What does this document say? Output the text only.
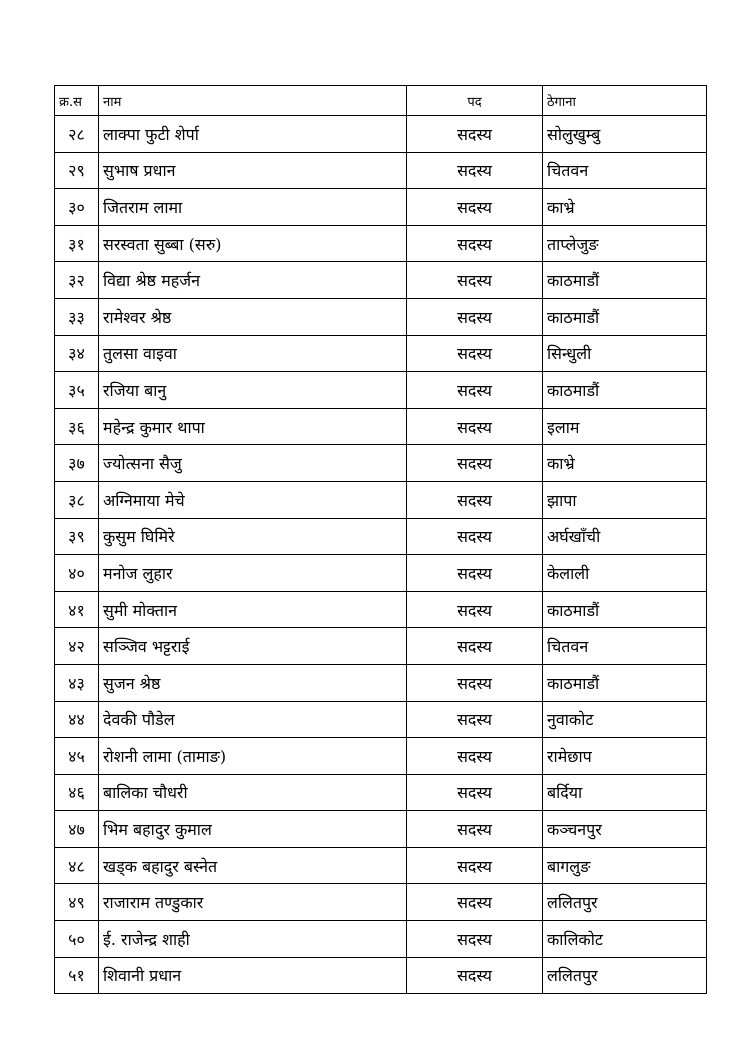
क्र.स	नाम	पद	ठेगाना
२८	लाक्पा फुटी शेर्पा	सदस्य	सोलुखुम्बु
२९	सुभाष प्रधान	सदस्य	चितवन
३०	जितराम लामा	सदस्य	काभ्रे
३१	सरस्वता सुब्बा (सरु)	सदस्य	ताप्लेजुङ
३२	विद्या श्रेष्ठ महर्जन	सदस्य	काठमाडौं
३३	रामेश्वर श्रेष्ठ	सदस्य	काठमाडौं
३४	तुलसा वाइवा	सदस्य	सिन्धुली
३५	रजिया बानु	सदस्य	काठमाडौं
३६	महेन्द्र कुमार थापा	सदस्य	इलाम
३७	ज्योत्सना सैजु	सदस्य	काभ्रे
३८	अग्निमाया मेचे	सदस्य	झापा
३९	कुसुम घिमिरे	सदस्य	अर्घखाँची
४०	मनोज लुहार	सदस्य	केलाली
४१	सुमी मोक्तान	सदस्य	काठमाडौं
४२	सञ्जिव भट्टराई	सदस्य	चितवन
४३	सुजन श्रेष्ठ	सदस्य	काठमाडौं
४४	देवकी पौडेल	सदस्य	नुवाकोट
४५	रोशनी लामा (तामाङ)	सदस्य	रामेछाप
४६	बालिका चौधरी	सदस्य	बर्दिया
४७	भिम बहादुर कुमाल	सदस्य	कञ्चनपुर
४८	खड्क बहादुर बस्नेत	सदस्य	बागलुङ
४९	राजाराम तण्डुकार	सदस्य	ललितपुर
५०	ई. राजेन्द्र शाही	सदस्य	कालिकोट
५१	शिवानी प्रधान	सदस्य	ललितपुर
